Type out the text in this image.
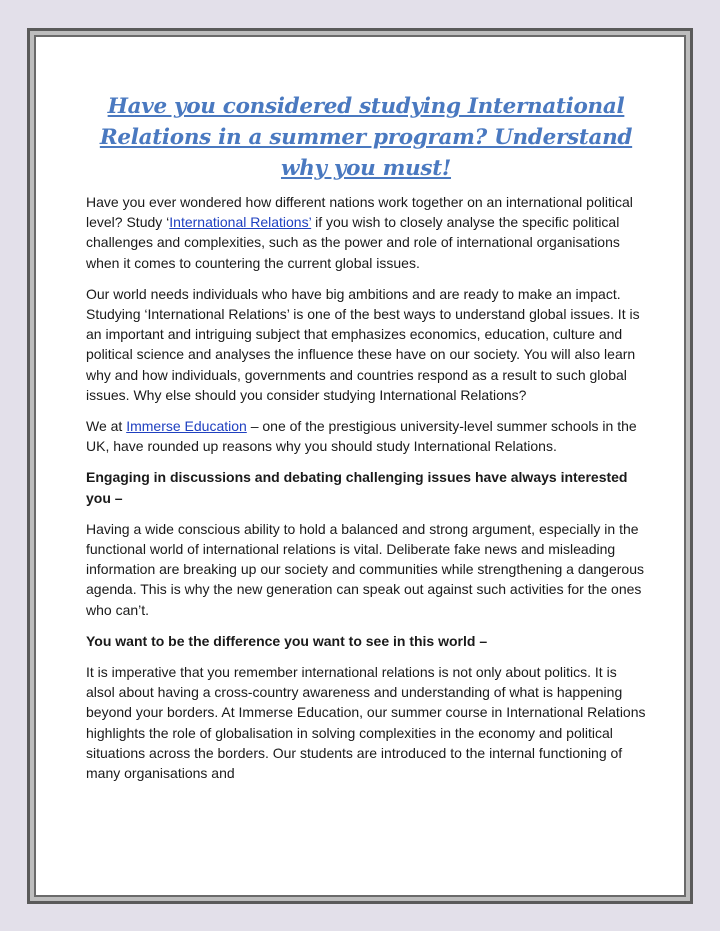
Have you considered studying International Relations in a summer program? Understand why you must!

Have you ever wondered how different nations work together on an international political level? Study ‘International Relations’ if you wish to closely analyse the specific political challenges and complexities, such as the power and role of international organisations when it comes to countering the current global issues.

Our world needs individuals who have big ambitions and are ready to make an impact. Studying ‘International Relations’ is one of the best ways to understand global issues. It is an important and intriguing subject that emphasizes economics, education, culture and political science and analyses the influence these have on our society. You will also learn why and how individuals, governments and countries respond as a result to such global issues. Why else should you consider studying International Relations?

We at Immerse Education – one of the prestigious university-level summer schools in the UK, have rounded up reasons why you should study International Relations.

Engaging in discussions and debating challenging issues have always interested you –

Having a wide conscious ability to hold a balanced and strong argument, especially in the functional world of international relations is vital. Deliberate fake news and misleading information are breaking up our society and communities while strengthening a dangerous agenda. This is why the new generation can speak out against such activities for the ones who can’t.

You want to be the difference you want to see in this world –

It is imperative that you remember international relations is not only about politics. It is alsol about having a cross-country awareness and understanding of what is happening beyond your borders. At Immerse Education, our summer course in International Relations highlights the role of globalisation in solving complexities in the economy and political situations across the borders. Our students are introduced to the internal functioning of many organisations and
